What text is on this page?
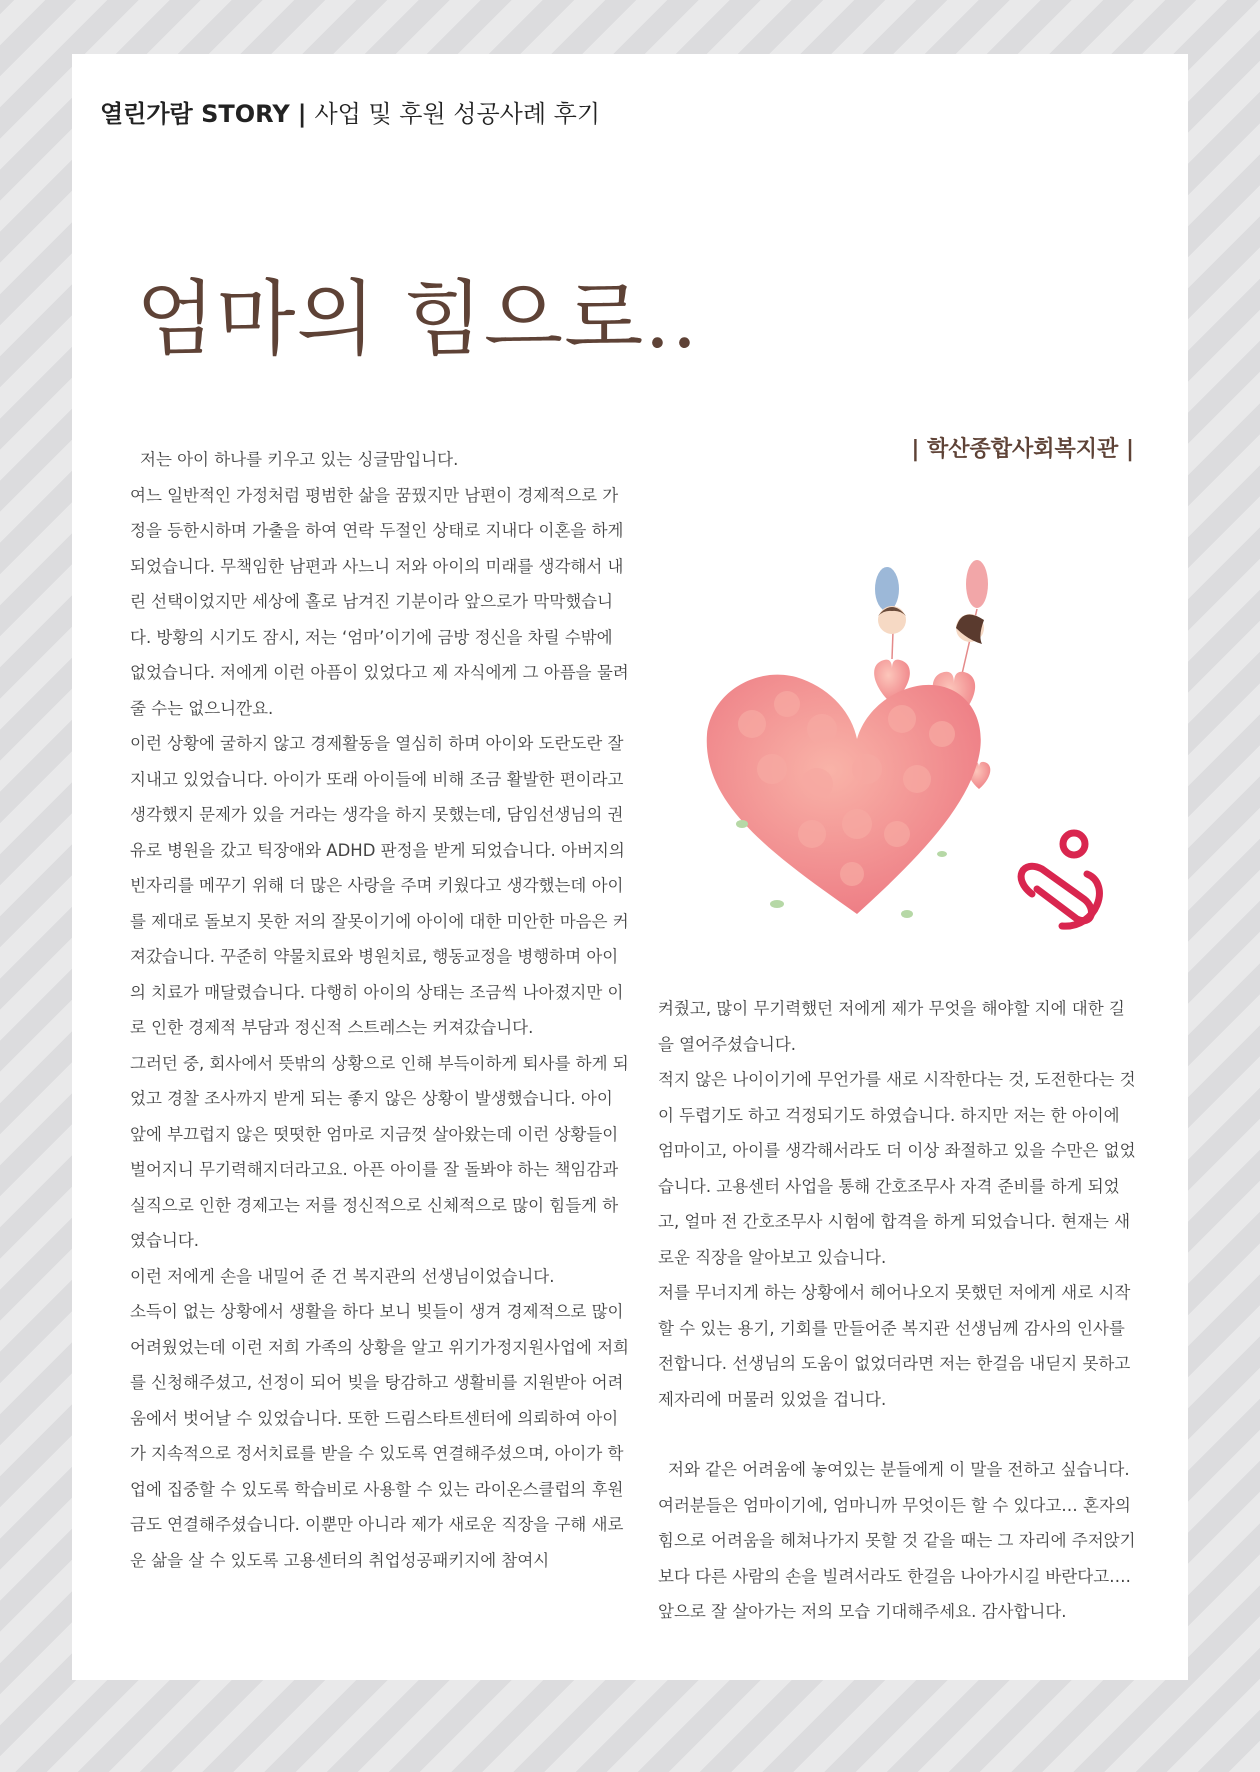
열린가람 STORY | 사업 및 후원 성공사례 후기
엄마의 힘으로..
| 학산종합사회복지관 |

저는 아이 하나를 키우고 있는 싱글맘입니다.

여느 일반적인 가정처럼 평범한 삶을 꿈꿨지만 남편이 경제적으로 가정을 등한시하며 가출을 하여 연락 두절인 상태로 지내다 이혼을 하게 되었습니다. 무책임한 남편과 사느니 저와 아이의 미래를 생각해서 내린 선택이었지만 세상에 홀로 남겨진 기분이라 앞으로가 막막했습니다. 방황의 시기도 잠시, 저는 ‘엄마’이기에 금방 정신을 차릴 수밖에 없었습니다. 저에게 이런 아픔이 있었다고 제 자식에게 그 아픔을 물려줄 수는 없으니깐요.

이런 상황에 굴하지 않고 경제활동을 열심히 하며 아이와 도란도란 잘 지내고 있었습니다. 아이가 또래 아이들에 비해 조금 활발한 편이라고 생각했지 문제가 있을 거라는 생각을 하지 못했는데, 담임선생님의 권유로 병원을 갔고 틱장애와 ADHD 판정을 받게 되었습니다. 아버지의 빈자리를 메꾸기 위해 더 많은 사랑을 주며 키웠다고 생각했는데 아이를 제대로 돌보지 못한 저의 잘못이기에 아이에 대한 미안한 마음은 커져갔습니다. 꾸준히 약물치료와 병원치료, 행동교정을 병행하며 아이의 치료가 매달렸습니다. 다행히 아이의 상태는 조금씩 나아졌지만 이로 인한 경제적 부담과 정신적 스트레스는 커져갔습니다.

그러던 중, 회사에서 뜻밖의 상황으로 인해 부득이하게 퇴사를 하게 되었고 경찰 조사까지 받게 되는 좋지 않은 상황이 발생했습니다. 아이 앞에 부끄럽지 않은 떳떳한 엄마로 지금껏 살아왔는데 이런 상황들이 벌어지니 무기력해지더라고요. 아픈 아이를 잘 돌봐야 하는 책임감과 실직으로 인한 경제고는 저를 정신적으로 신체적으로 많이 힘들게 하였습니다.

이런 저에게 손을 내밀어 준 건 복지관의 선생님이었습니다.

소득이 없는 상황에서 생활을 하다 보니 빚들이 생겨 경제적으로 많이 어려웠었는데 이런 저희 가족의 상황을 알고 위기가정지원사업에 저희를 신청해주셨고, 선정이 되어 빚을 탕감하고 생활비를 지원받아 어려움에서 벗어날 수 있었습니다. 또한 드림스타트센터에 의뢰하여 아이가 지속적으로 정서치료를 받을 수 있도록 연결해주셨으며, 아이가 학업에 집중할 수 있도록 학습비로 사용할 수 있는 라이온스클럽의 후원금도 연결해주셨습니다. 이뿐만 아니라 제가 새로운 직장을 구해 새로운 삶을 살 수 있도록 고용센터의 취업성공패키지에 참여시

켜줬고, 많이 무기력했던 저에게 제가 무엇을 해야할 지에 대한 길을 열어주셨습니다.

적지 않은 나이이기에 무언가를 새로 시작한다는 것, 도전한다는 것이 두렵기도 하고 걱정되기도 하였습니다. 하지만 저는 한 아이에 엄마이고, 아이를 생각해서라도 더 이상 좌절하고 있을 수만은 없었습니다. 고용센터 사업을 통해 간호조무사 자격 준비를 하게 되었고, 얼마 전 간호조무사 시험에 합격을 하게 되었습니다. 현재는 새로운 직장을 알아보고 있습니다.

저를 무너지게 하는 상황에서 헤어나오지 못했던 저에게 새로 시작할 수 있는 용기, 기회를 만들어준 복지관 선생님께 감사의 인사를 전합니다. 선생님의 도움이 없었더라면 저는 한걸음 내딛지 못하고 제자리에 머물러 있었을 겁니다.

저와 같은 어려움에 놓여있는 분들에게 이 말을 전하고 싶습니다. 여러분들은 엄마이기에, 엄마니까 무엇이든 할 수 있다고… 혼자의 힘으로 어려움을 헤쳐나가지 못할 것 같을 때는 그 자리에 주저앉기보다 다른 사람의 손을 빌려서라도 한걸음 나아가시길 바란다고….

앞으로 잘 살아가는 저의 모습 기대해주세요. 감사합니다.
